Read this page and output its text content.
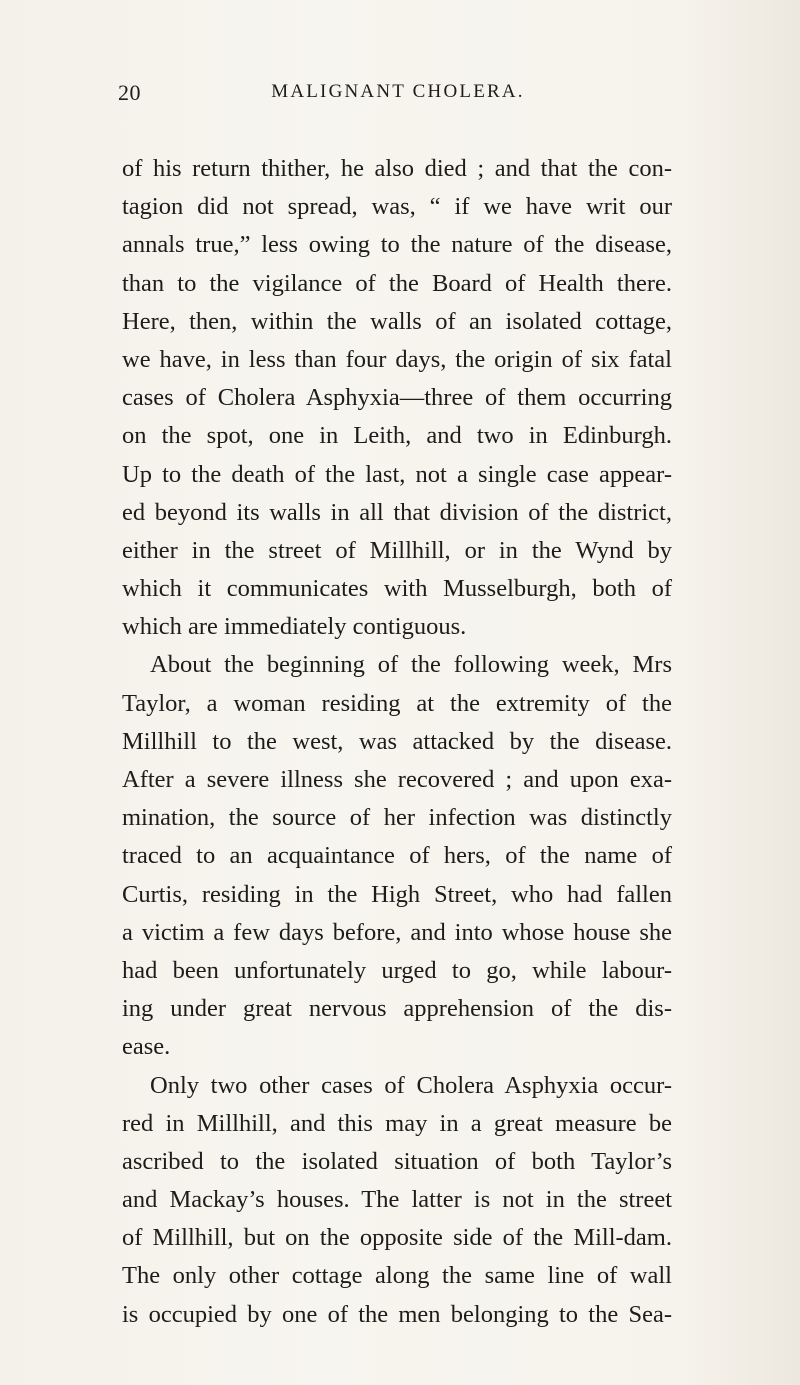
20	MALIGNANT CHOLERA.
of his return thither, he also died ; and that the con-
tagion did not spread, was, “ if we have writ our
annals true,” less owing to the nature of the disease,
than to the vigilance of the Board of Health there.
Here, then, within the walls of an isolated cottage,
we have, in less than four days, the origin of six fatal
cases of Cholera Asphyxia—three of them occurring
on the spot, one in Leith, and two in Edinburgh.
Up to the death of the last, not a single case appear-
ed beyond its walls in all that division of the district,
either in the street of Millhill, or in the Wynd by
which it communicates with Musselburgh, both of
which are immediately contiguous.
About the beginning of the following week, Mrs
Taylor, a woman residing at the extremity of the
Millhill to the west, was attacked by the disease.
After a severe illness she recovered ; and upon exa-
mination, the source of her infection was distinctly
traced to an acquaintance of hers, of the name of
Curtis, residing in the High Street, who had fallen
a victim a few days before, and into whose house she
had been unfortunately urged to go, while labour-
ing under great nervous apprehension of the dis-
ease.
Only two other cases of Cholera Asphyxia occur-
red in Millhill, and this may in a great measure be
ascribed to the isolated situation of both Taylor’s
and Mackay’s houses. The latter is not in the street
of Millhill, but on the opposite side of the Mill-dam.
The only other cottage along the same line of wall
is occupied by one of the men belonging to the Sea-
